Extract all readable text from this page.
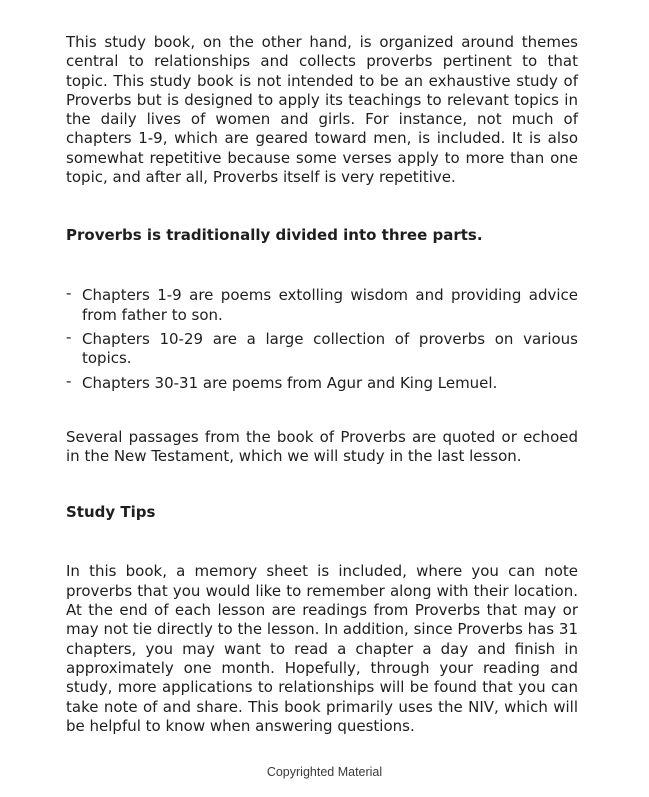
This study book, on the other hand, is organized around themes central to relationships and collects proverbs pertinent to that topic. This study book is not intended to be an exhaustive study of Proverbs but is designed to apply its teachings to relevant topics in the daily lives of women and girls. For instance, not much of chapters 1-9, which are geared toward men, is included. It is also somewhat repetitive because some verses apply to more than one topic, and after all, Proverbs itself is very repetitive.

Proverbs is traditionally divided into three parts.
- Chapters 1-9 are poems extolling wisdom and providing advice from father to son.
- Chapters 10-29 are a large collection of proverbs on various topics.
- Chapters 30-31 are poems from Agur and King Lemuel.

Several passages from the book of Proverbs are quoted or echoed in the New Testament, which we will study in the last lesson.

Study Tips

In this book, a memory sheet is included, where you can note proverbs that you would like to remember along with their location. At the end of each lesson are readings from Proverbs that may or may not tie directly to the lesson. In addition, since Proverbs has 31 chapters, you may want to read a chapter a day and finish in approximately one month. Hopefully, through your reading and study, more applications to relationships will be found that you can take note of and share. This book primarily uses the NIV, which will be helpful to know when answering questions.

Copyrighted Material
